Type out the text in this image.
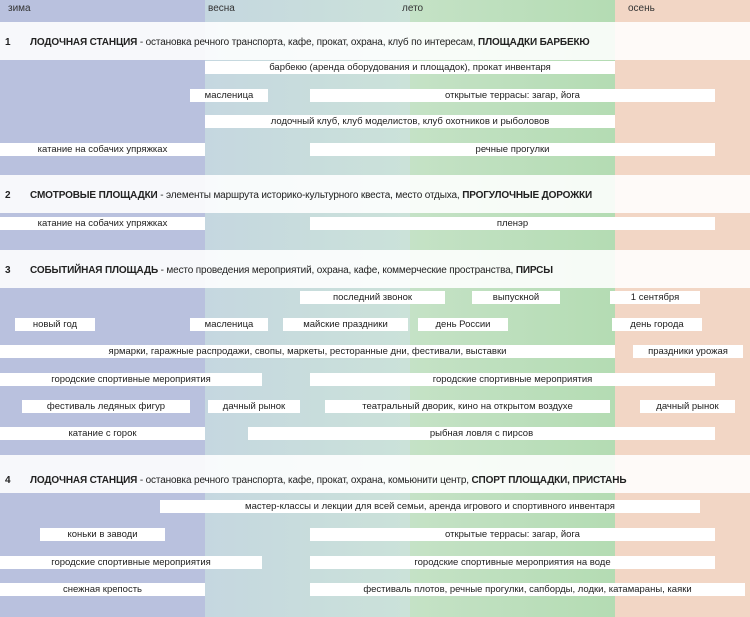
зима	весна	лето	осень
1 ЛОДОЧНАЯ СТАНЦИЯ - остановка речного транспорта, кафе, прокат, охрана, клуб по интересам, ПЛОЩАДКИ БАРБЕКЮ
барбекю (аренда оборудования и площадок), прокат инвентаря
масленица	открытые террасы: загар, йога
лодочный клуб, клуб моделистов, клуб охотников и рыболовов
катание на собачих упряжках	речные прогулки
2 СМОТРОВЫЕ ПЛОЩАДКИ - элементы маршрута историко-культурного квеста, место отдыха, ПРОГУЛОЧНЫЕ ДОРОЖКИ
катание на собачих упряжках	пленэр
3 СОБЫТИЙНАЯ ПЛОЩАДЬ - место проведения мероприятий, охрана, кафе, коммерческие пространства, ПИРСЫ
последний звонок	выпускной	1 сентября
новый год	масленица	майские праздники	день России	день города
ярмарки, гаражные распродажи, свопы, маркеты, ресторанные дни, фестивали, выставки	праздники урожая
городские спортивные мероприятия	городские спортивные мероприятия
фестиваль ледяных фигур	дачный рынок	театральный дворик, кино на открытом воздухе	дачный рынок
катание с горок	рыбная ловля с пирсов
4 ЛОДОЧНАЯ СТАНЦИЯ - остановка речного транспорта, кафе, прокат, охрана, комьюнити центр, СПОРТ ПЛОЩАДКИ, ПРИСТАНЬ
мастер-классы и лекции для всей семьи, аренда игрового и спортивного инвентаря
коньки в заводи	открытые террасы: загар, йога
городские спортивные мероприятия	городские спортивные мероприятия на воде
снежная крепость	фестиваль плотов, речные прогулки, сапборды, лодки, катамараны, каяки
